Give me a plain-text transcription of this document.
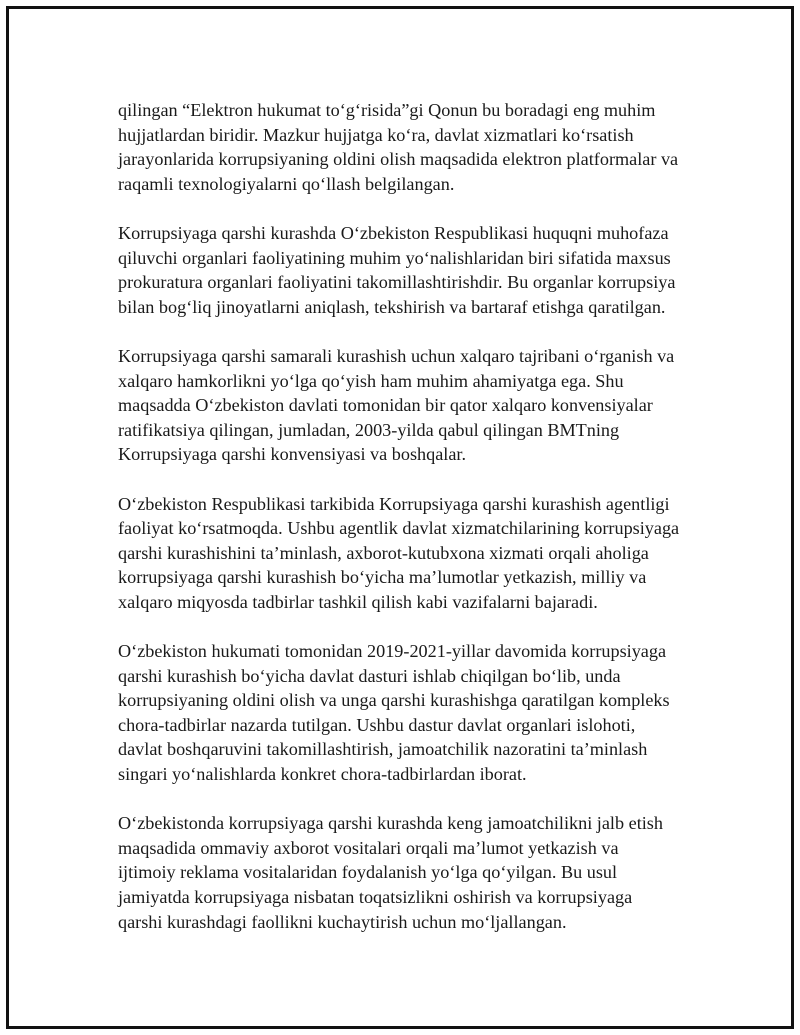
qilingan “Elektron hukumat to‘g‘risida”gi Qonun bu boradagi eng muhim
hujjatlardan biridir. Mazkur hujjatga ko‘ra, davlat xizmatlari ko‘rsatish
jarayonlarida korrupsiyaning oldini olish maqsadida elektron platformalar va
raqamli texnologiyalarni qo‘llash belgilangan.

Korrupsiyaga qarshi kurashda O‘zbekiston Respublikasi huquqni muhofaza
qiluvchi organlari faoliyatining muhim yo‘nalishlaridan biri sifatida maxsus
prokuratura organlari faoliyatini takomillashtirishdir. Bu organlar korrupsiya
bilan bog‘liq jinoyatlarni aniqlash, tekshirish va bartaraf etishga qaratilgan.

Korrupsiyaga qarshi samarali kurashish uchun xalqaro tajribani o‘rganish va
xalqaro hamkorlikni yo‘lga qo‘yish ham muhim ahamiyatga ega. Shu
maqsadda O‘zbekiston davlati tomonidan bir qator xalqaro konvensiyalar
ratifikatsiya qilingan, jumladan, 2003-yilda qabul qilingan BMTning
Korrupsiyaga qarshi konvensiyasi va boshqalar.

O‘zbekiston Respublikasi tarkibida Korrupsiyaga qarshi kurashish agentligi
faoliyat ko‘rsatmoqda. Ushbu agentlik davlat xizmatchilarining korrupsiyaga
qarshi kurashishini ta’minlash, axborot-kutubxona xizmati orqali aholiga
korrupsiyaga qarshi kurashish bo‘yicha ma’lumotlar yetkazish, milliy va
xalqaro miqyosda tadbirlar tashkil qilish kabi vazifalarni bajaradi.

O‘zbekiston hukumati tomonidan 2019-2021-yillar davomida korrupsiyaga
qarshi kurashish bo‘yicha davlat dasturi ishlab chiqilgan bo‘lib, unda
korrupsiyaning oldini olish va unga qarshi kurashishga qaratilgan kompleks
chora-tadbirlar nazarda tutilgan. Ushbu dastur davlat organlari islohoti,
davlat boshqaruvini takomillashtirish, jamoatchilik nazoratini ta’minlash
singari yo‘nalishlarda konkret chora-tadbirlardan iborat.

O‘zbekistonda korrupsiyaga qarshi kurashda keng jamoatchilikni jalb etish
maqsadida ommaviy axborot vositalari orqali ma’lumot yetkazish va
ijtimoiy reklama vositalaridan foydalanish yo‘lga qo‘yilgan. Bu usul
jamiyatda korrupsiyaga nisbatan toqatsizlikni oshirish va korrupsiyaga
qarshi kurashdagi faollikni kuchaytirish uchun mo‘ljallangan.
